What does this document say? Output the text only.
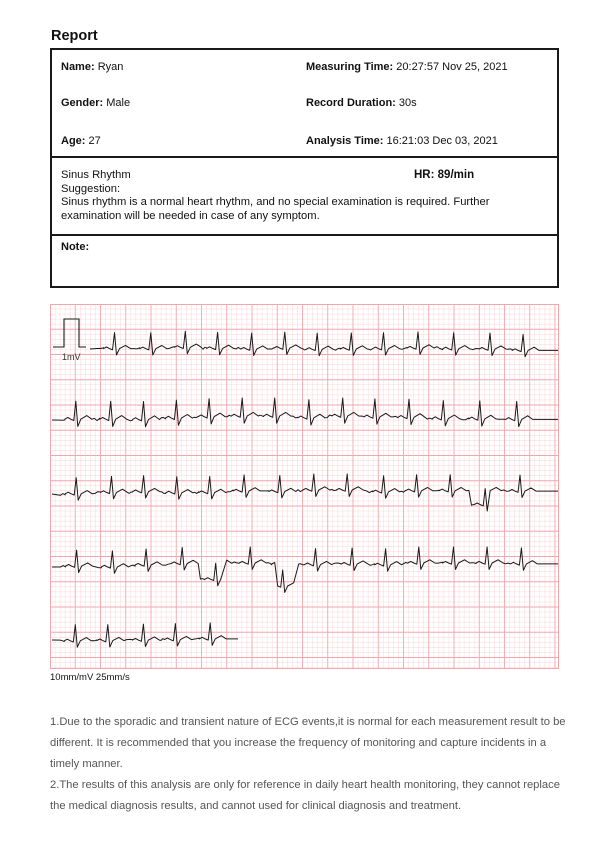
Report
Name: Ryan
Gender: Male
Age: 27
Measuring Time: 20:27:57 Nov 25, 2021
Record Duration: 30s
Analysis Time: 16:21:03 Dec 03, 2021
Sinus Rhythm	HR: 89/min
Suggestion:
Sinus rhythm is a normal heart rhythm, and no special examination is required. Further examination will be needed in case of any symptom.
Note:
1mV
10mm/mV 25mm/s

1.Due to the sporadic and transient nature of ECG events,it is normal for each measurement result to be different. It is recommended that you increase the frequency of monitoring and capture incidents in a timely manner.

2.The results of this analysis are only for reference in daily heart health monitoring, they cannot replace the medical diagnosis results, and cannot used for clinical diagnosis and treatment.
